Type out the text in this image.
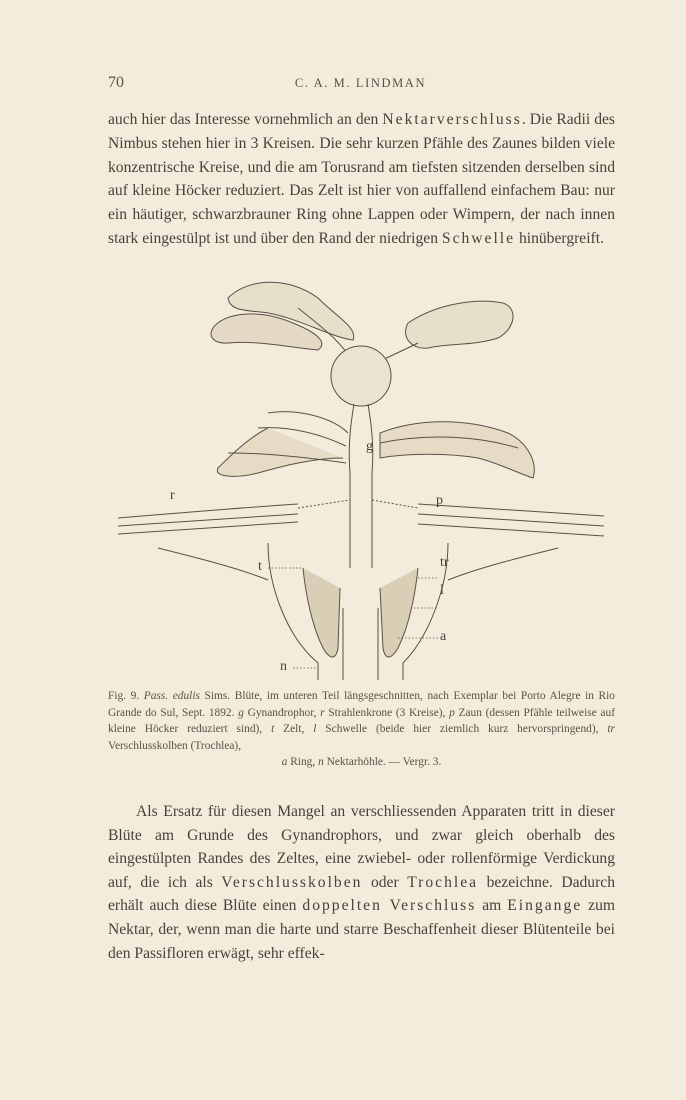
70	C. A. M. LINDMAN

auch hier das Interesse vornehmlich an den Nektarverschluss. Die Radii des Nimbus stehen hier in 3 Kreisen. Die sehr kurzen Pfähle des Zaunes bilden viele konzentrische Kreise, und die am Torusrand am tiefsten sitzenden derselben sind auf kleine Höcker reduziert. Das Zelt ist hier von auffallend einfachem Bau: nur ein häutiger, schwarzbrauner Ring ohne Lappen oder Wimpern, der nach innen stark eingestülpt ist und über den Rand der niedrigen Schwelle hinübergreift.

g
r	p
t	tr
l
a
n
Fig. 9. Pass. edulis Sims. Blüte, im unteren Teil längsgeschnitten, nach Exemplar bei Porto Alegre in Rio Grande do Sul, Sept. 1892. g Gynandrophor, r Strahlenkrone (3 Kreise), p Zaun (dessen Pfähle teilweise auf kleine Höcker reduziert sind), t Zelt, l Schwelle (beide hier ziemlich kurz hervorspringend), tr Verschlusskolben (Trochlea),
a Ring, n Nektarhöhle. — Vergr. 3.
Als Ersatz für diesen Mangel an verschliessenden Apparaten tritt in dieser Blüte am Grunde des Gynandrophors, und zwar gleich oberhalb des eingestülpten Randes des Zeltes, eine zwiebel- oder rollenförmige Verdickung auf, die ich als Verschlusskolben oder Trochlea bezeichne. Dadurch erhält auch diese Blüte einen doppelten Verschluss am Eingange zum Nektar, der, wenn man die harte und starre Beschaffenheit dieser Blütenteile bei den Passifloren erwägt, sehr effek-
